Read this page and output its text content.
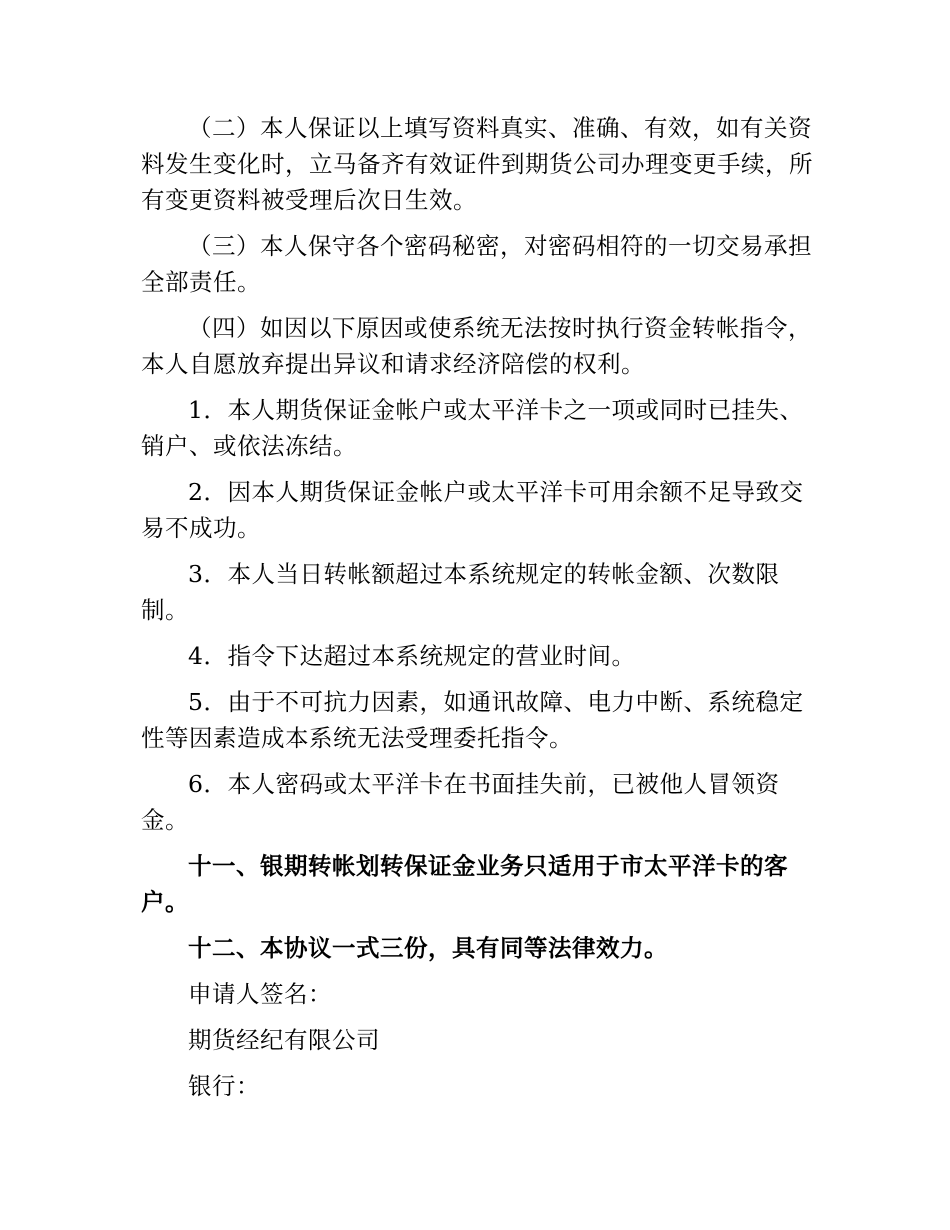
（二）本人保证以上填写资料真实、准确、有效，如有关资料发生变化时，立马备齐有效证件到期货公司办理变更手续，所有变更资料被受理后次日生效。

（三）本人保守各个密码秘密，对密码相符的一切交易承担全部责任。

（四）如因以下原因或使系统无法按时执行资金转帐指令，本人自愿放弃提出异议和请求经济陪偿的权利。

1．本人期货保证金帐户或太平洋卡之一项或同时已挂失、销户、或依法冻结。

2．因本人期货保证金帐户或太平洋卡可用余额不足导致交易不成功。

3．本人当日转帐额超过本系统规定的转帐金额、次数限制。

4．指令下达超过本系统规定的营业时间。

5．由于不可抗力因素，如通讯故障、电力中断、系统稳定性等因素造成本系统无法受理委托指令。

6．本人密码或太平洋卡在书面挂失前，已被他人冒领资金。

十一、银期转帐划转保证金业务只适用于市太平洋卡的客户。

十二、本协议一式三份，具有同等法律效力。

申请人签名：

期货经纪有限公司

银行：
